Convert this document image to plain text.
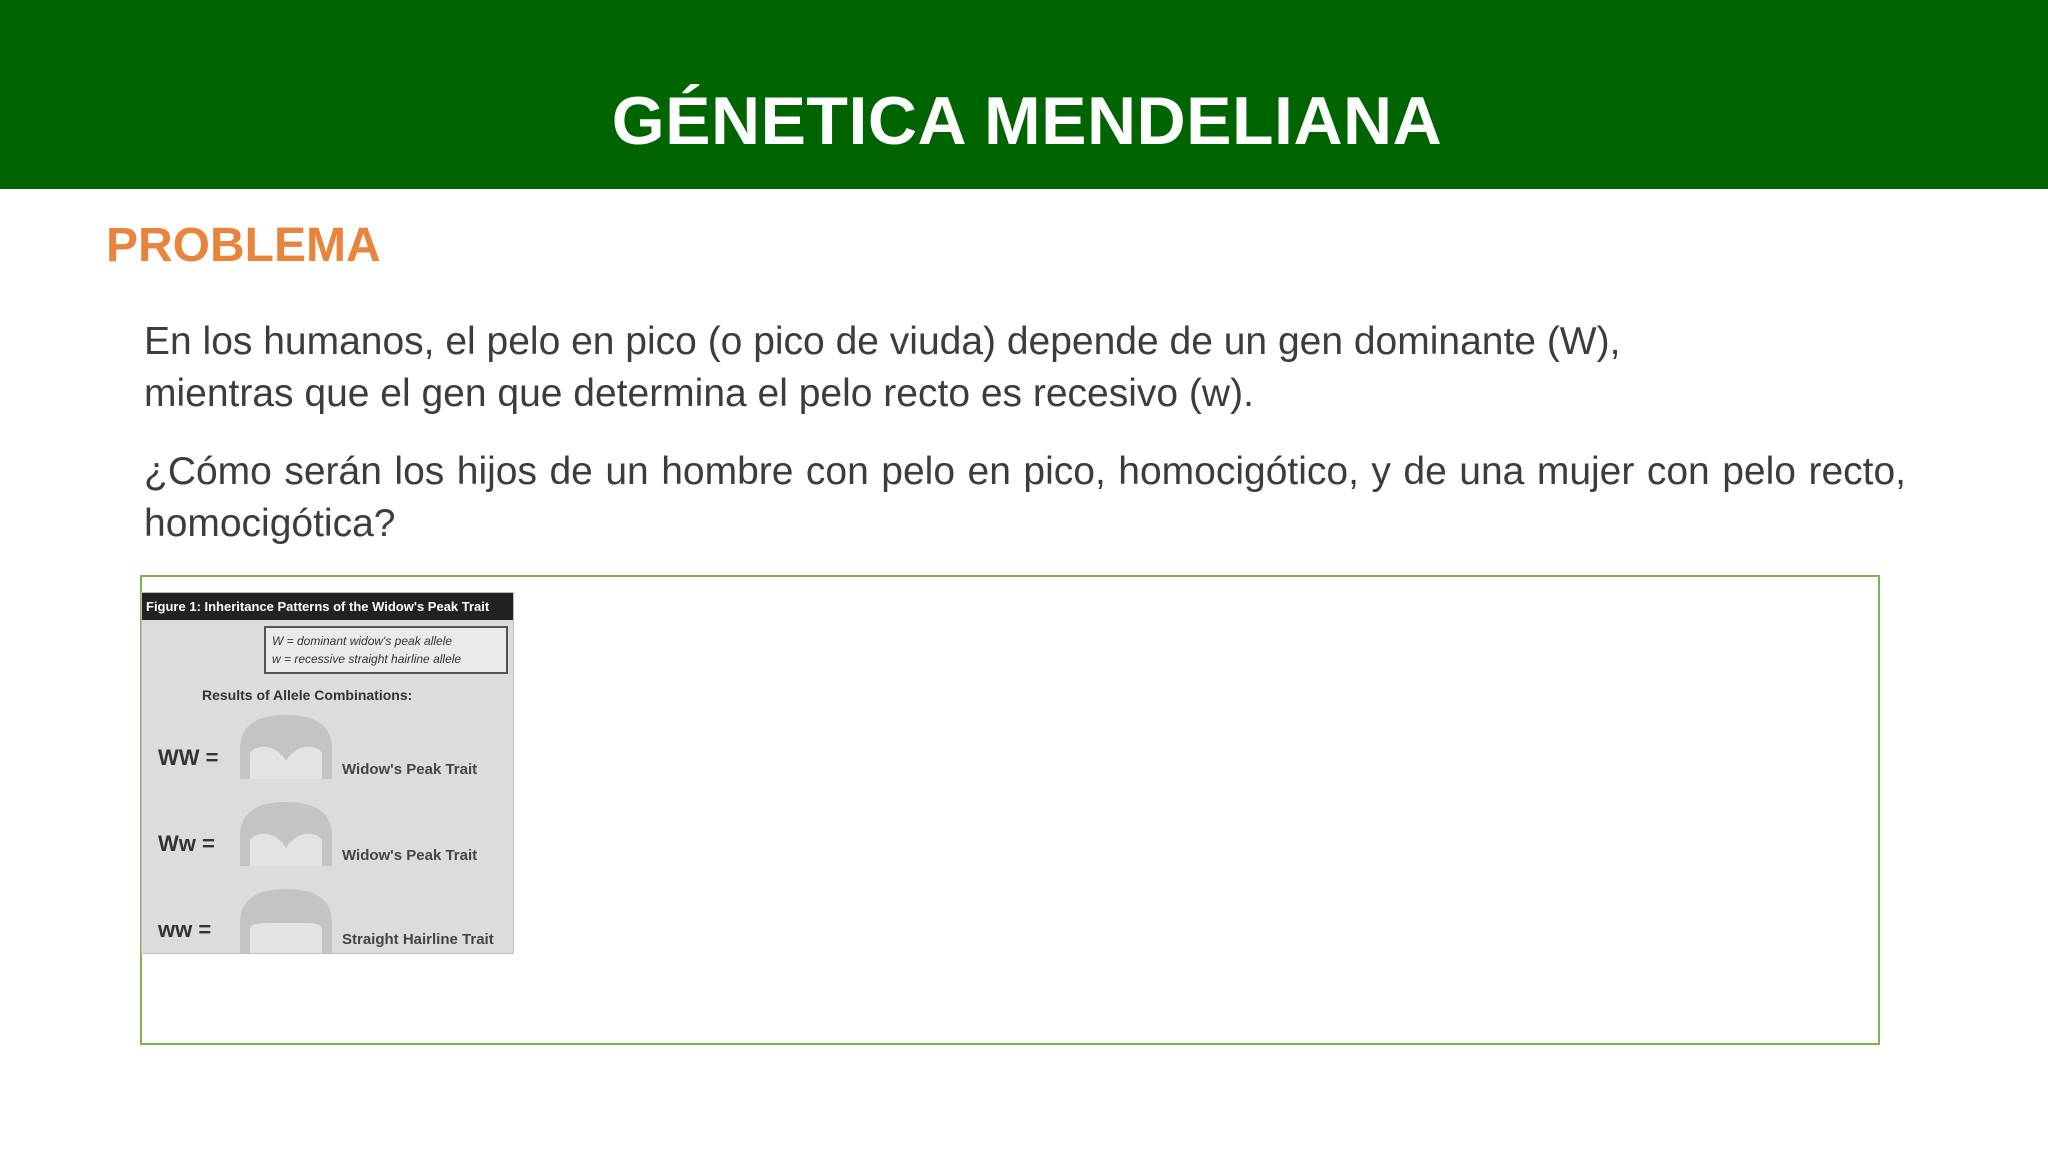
GÉNETICA MENDELIANA
PROBLEMA
En los humanos, el pelo en pico (o pico de viuda) depende de un gen dominante (W),
mientras que el gen que determina el pelo recto es recesivo (w).
¿Cómo serán los hijos de un hombre con pelo en pico, homocigótico, y de una mujer con pelo recto, homocigótica?
Figure 1: Inheritance Patterns of the Widow's Peak Trait
W = dominant widow's peak allele
w = recessive straight hairline allele
Results of Allele Combinations:
WW =	Widow's Peak Trait
Ww =	Widow's Peak Trait
ww =	Straight Hairline Trait
